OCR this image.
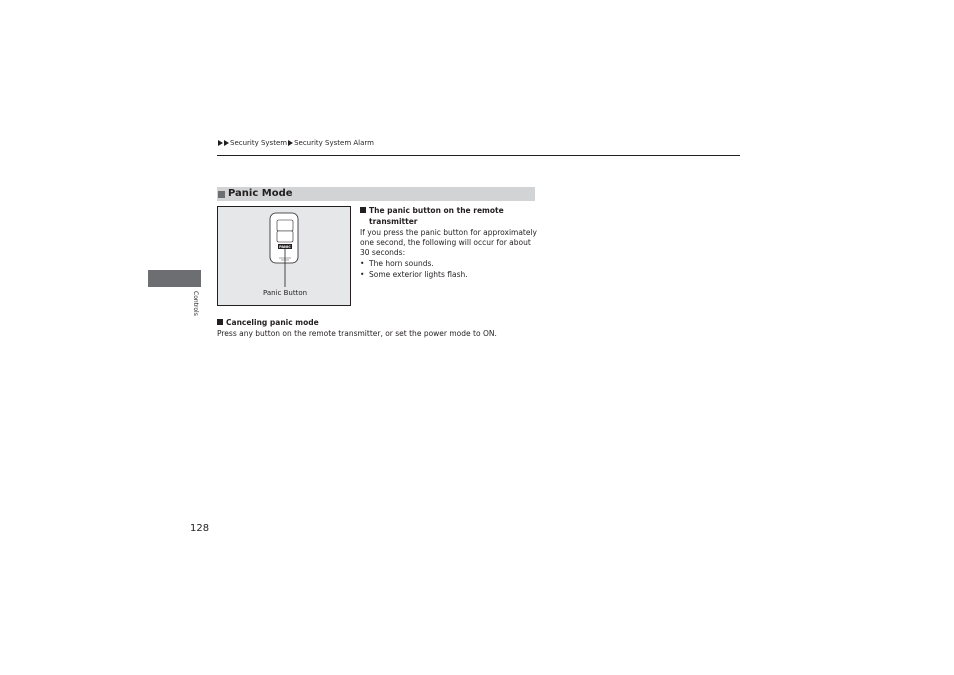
Security System Security System Alarm
Controls
Panic Mode
PANIC
Panic Button
The panic button on the remote
transmitter
If you press the panic button for approximately one second, the following will occur for about 30 seconds:
• The horn sounds.
• Some exterior lights flash.
Canceling panic mode
Press any button on the remote transmitter, or set the power mode to ON.
128
